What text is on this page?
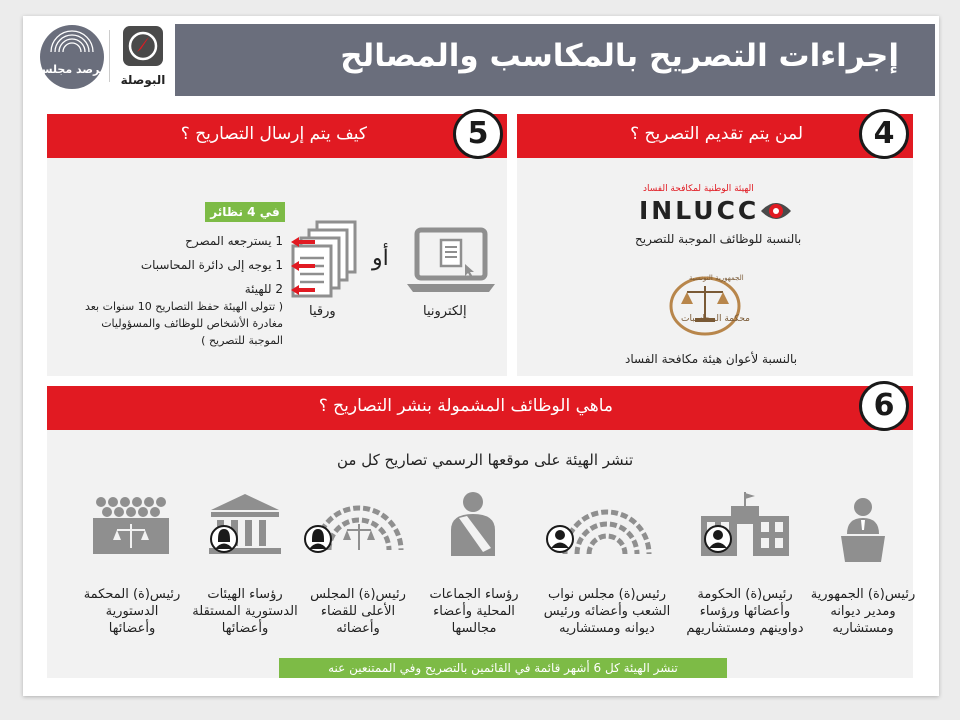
مرصد مجلس
البوصلة
إجراءات التصريح بالمكاسب والمصالح
كيف يتم إرسال التصاريح ؟	5
إلكترونيا
أو
ورقيا
في 4 نظائر
1 يسترجعه المصرح
1 يوجه إلى دائرة المحاسبات
2 للهيئة
( تتولى الهيئة حفظ التصاريح 10 سنوات بعد
مغادرة الأشخاص للوظائف والمسؤوليات
الموجبة للتصريح )
لمن يتم تقديم التصريح ؟	4
الهيئة الوطنية لمكافحة الفساد
INLUCC
بالنسبة للوظائف الموجبة للتصريح
الجمهورية التونسية
محكمة المحاسبات
بالنسبة لأعوان هيئة مكافحة الفساد
ماهي الوظائف المشمولة بنشر التصاريح ؟	6
تنشر الهيئة على موقعها الرسمي تصاريح كل من
رئيس(ة) الجمهورية
ومدير ديوانه
ومستشاريه
رئيس(ة) الحكومة
وأعضائها ورؤساء
دواوينهم ومستشاريهم
رئيس(ة) مجلس نواب
الشعب وأعضائه ورئيس
ديوانه ومستشاريه
رؤساء الجماعات
المحلية وأعضاء
مجالسها
رئيس(ة) المجلس
الأعلى للقضاء
وأعضائه
رؤساء الهيئات
الدستورية المستقلة
وأعضائها
رئيس(ة) المحكمة
الدستورية
وأعضائها
تنشر الهيئة كل 6 أشهر قائمة في القائمين بالتصريح وفي الممتنعين عنه
